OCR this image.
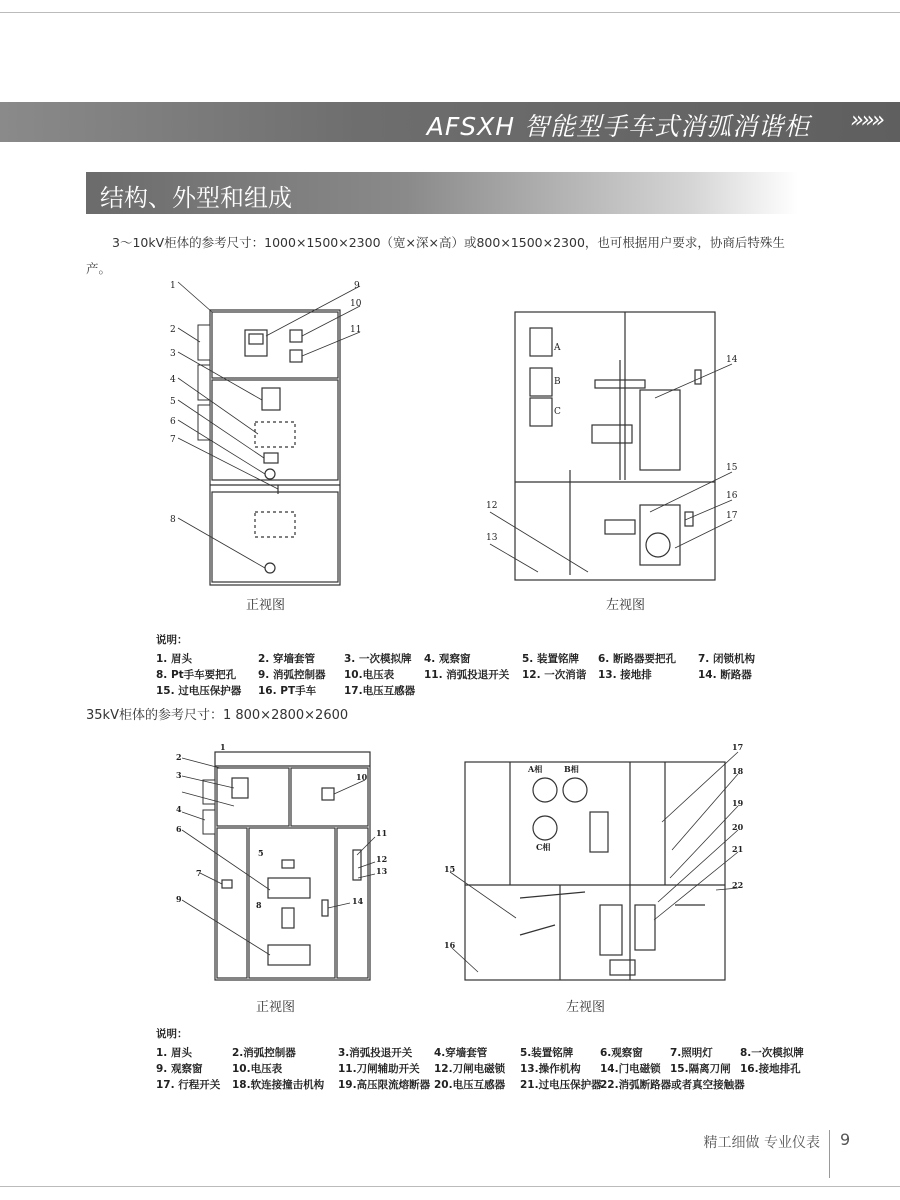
AFSXH 智能型手车式消弧消谐柜 »»»
结构、外型和组成
3～10kV柜体的参考尺寸：1000×1500×2300（宽×深×高）或800×1500×2300，也可根据用户要求，协商后特殊生产。
1
2
3
4
5
6
7
8
9
10
11
正视图
A
B
C
12
13
14
15
16
17
左视图
说明：
1. 眉头	2. 穿墙套管	3. 一次模拟牌	4. 观察窗	5. 装置铭牌	6. 断路器要把孔	7. 闭锁机构
8. Pt手车要把孔	9. 消弧控制器	10.电压表	11. 消弧投退开关	12. 一次消谐	13. 接地排	14. 断路器
15. 过电压保护器	16. PT手车	17.电压互感器
35kV柜体的参考尺寸：1 800×2800×2600
1
2
3
4
5
6
7
8
9
10
11
12
13
14
正视图
A相	B相
C相
15
16
17
18
19
20
21
22
左视图
说明：
1. 眉头	2.消弧控制器	3.消弧投退开关	4.穿墙套管	5.装置铭牌	6.观察窗	7.照明灯	8.一次模拟牌
9. 观察窗	10.电压表	11.刀闸辅助开关	12.刀闸电磁锁	13.操作机构	14.门电磁锁 15.隔离刀闸 16.接地排孔
17. 行程开关	18.软连接撞击机构	19.高压限流熔断器 20.电压互感器	21.过电压保护器
22.消弧断路器或者真空接触器
精工细做 专业仪表 9
